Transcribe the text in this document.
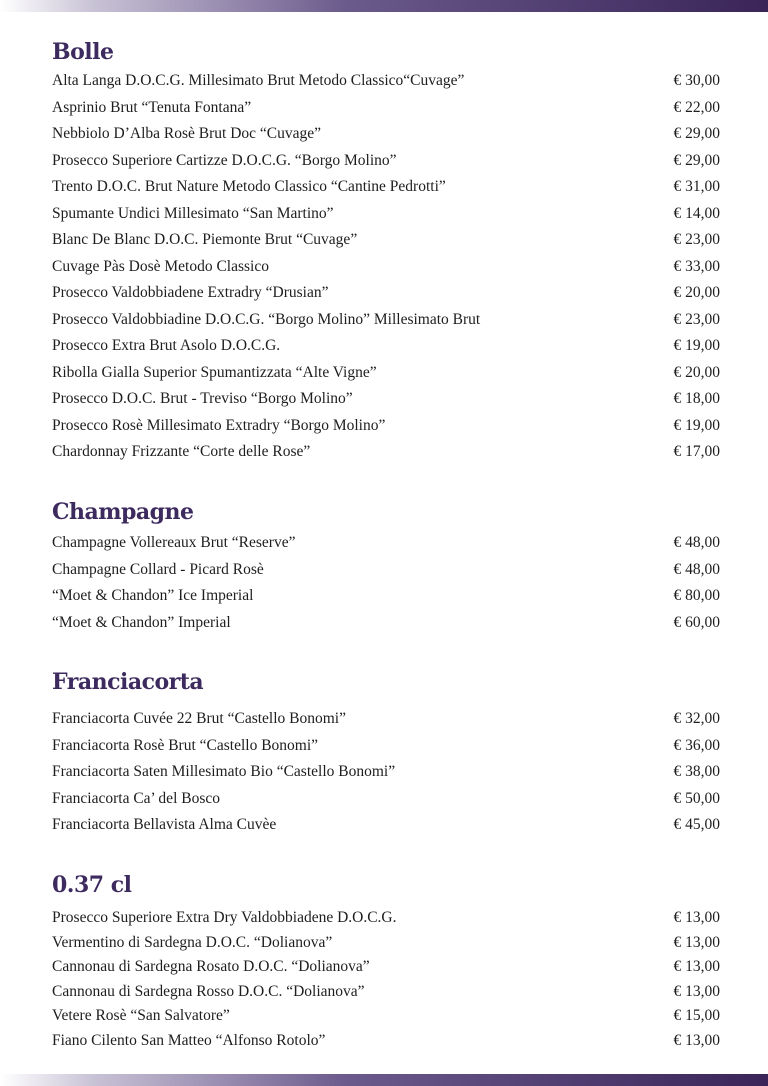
Bolle
Alta Langa D.O.C.G. Millesimato Brut Metodo Classico“Cuvage”	€ 30,00
Asprinio Brut “Tenuta Fontana”	€ 22,00
Nebbiolo D’Alba Rosè Brut Doc “Cuvage”	€ 29,00
Prosecco Superiore Cartizze D.O.C.G. “Borgo Molino”	€ 29,00
Trento D.O.C. Brut Nature Metodo Classico “Cantine Pedrotti”	€ 31,00
Spumante Undici Millesimato “San Martino”	€ 14,00
Blanc De Blanc D.O.C. Piemonte Brut “Cuvage”	€ 23,00
Cuvage Pàs Dosè Metodo Classico	€ 33,00
Prosecco Valdobbiadene Extradry “Drusian”	€ 20,00
Prosecco Valdobbiadine D.O.C.G. “Borgo Molino” Millesimato Brut	€ 23,00
Prosecco Extra Brut Asolo D.O.C.G.	€ 19,00
Ribolla Gialla Superior Spumantizzata “Alte Vigne”	€ 20,00
Prosecco D.O.C. Brut - Treviso “Borgo Molino”	€ 18,00
Prosecco Rosè Millesimato Extradry “Borgo Molino”	€ 19,00
Chardonnay Frizzante “Corte delle Rose”	€ 17,00
Champagne
Champagne Vollereaux Brut “Reserve”	€ 48,00
Champagne Collard - Picard Rosè	€ 48,00
“Moet & Chandon” Ice Imperial	€ 80,00
“Moet & Chandon” Imperial	€ 60,00
Franciacorta
Franciacorta Cuvée 22 Brut “Castello Bonomi”	€ 32,00
Franciacorta Rosè Brut “Castello Bonomi”	€ 36,00
Franciacorta Saten Millesimato Bio “Castello Bonomi”	€ 38,00
Franciacorta Ca’ del Bosco	€ 50,00
Franciacorta Bellavista Alma Cuvèe	€ 45,00
0.37 cl
Prosecco Superiore Extra Dry Valdobbiadene D.O.C.G.	€ 13,00
Vermentino di Sardegna D.O.C. “Dolianova”	€ 13,00
Cannonau di Sardegna Rosato D.O.C. “Dolianova”	€ 13,00
Cannonau di Sardegna Rosso D.O.C. “Dolianova”	€ 13,00
Vetere Rosè “San Salvatore”	€ 15,00
Fiano Cilento San Matteo “Alfonso Rotolo”	€ 13,00
